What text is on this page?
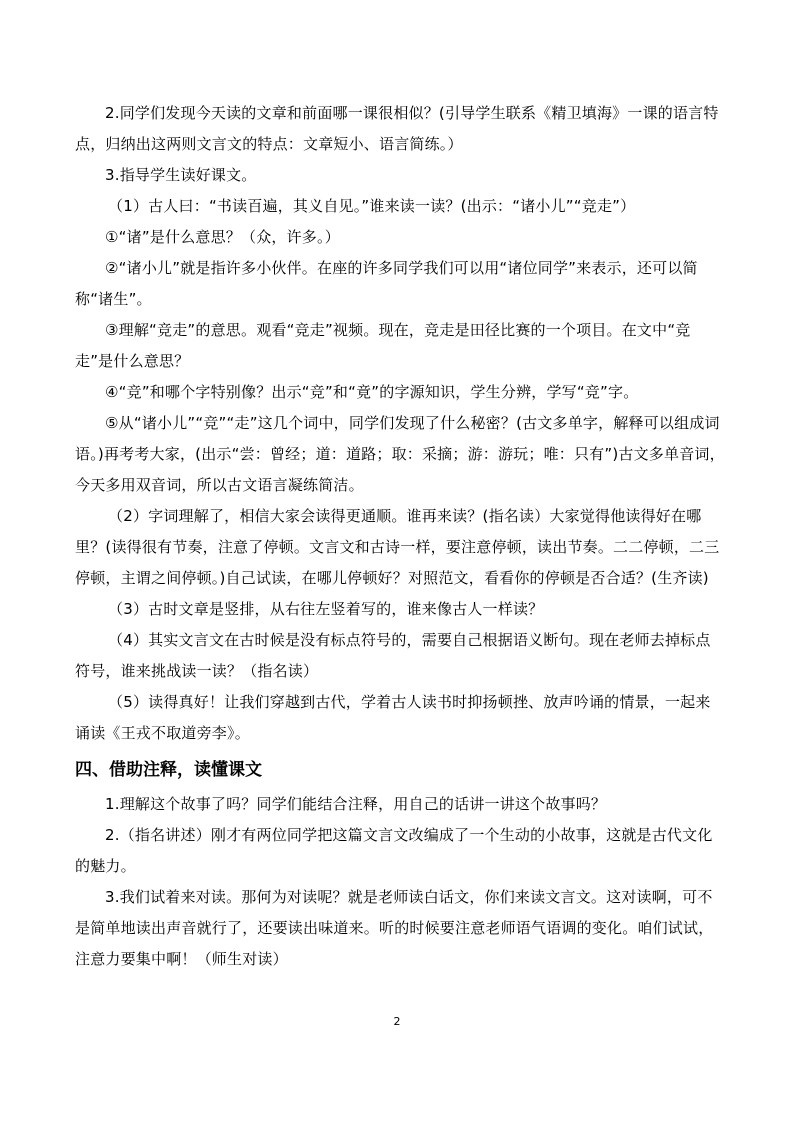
2.同学们发现今天读的文章和前面哪一课很相似？(引导学生联系《精卫填海》一课的语言特点，归纳出这两则文言文的特点：文章短小、语言简练。）

3.指导学生读好课文。

（1）古人曰：“书读百遍，其义自见。”谁来读一读？(出示：“诸小儿”“竞走”）

①“诸”是什么意思？（众，许多。）

②“诸小儿”就是指许多小伙伴。在座的许多同学我们可以用“诸位同学”来表示，还可以简称“诸生”。

③理解“竞走”的意思。观看“竞走”视频。现在，竞走是田径比赛的一个项目。在文中“竞走”是什么意思？

④“竞”和哪个字特别像？出示“竞”和“竟”的字源知识，学生分辨，学写“竞”字。

⑤从“诸小儿”“竞”“走”这几个词中，同学们发现了什么秘密？(古文多单字，解释可以组成词语。)再考考大家，(出示“尝：曾经；道：道路；取：采摘；游：游玩；唯：只有”)古文多单音词，今天多用双音词，所以古文语言凝练简洁。

（2）字词理解了，相信大家会读得更通顺。谁再来读？(指名读）大家觉得他读得好在哪里？(读得很有节奏，注意了停顿。文言文和古诗一样，要注意停顿，读出节奏。二二停顿，二三停顿，主谓之间停顿。)自己试读，在哪儿停顿好？对照范文，看看你的停顿是否合适？(生齐读)

（3）古时文章是竖排，从右往左竖着写的，谁来像古人一样读？

（4）其实文言文在古时候是没有标点符号的，需要自己根据语义断句。现在老师去掉标点符号，谁来挑战读一读？（指名读）

（5）读得真好！让我们穿越到古代，学着古人读书时抑扬顿挫、放声吟诵的情景，一起来诵读《王戎不取道旁李》。

四、借助注释，读懂课文

1.理解这个故事了吗？同学们能结合注释，用自己的话讲一讲这个故事吗？

2.（指名讲述）刚才有两位同学把这篇文言文改编成了一个生动的小故事，这就是古代文化的魅力。

3.我们试着来对读。那何为对读呢？就是老师读白话文，你们来读文言文。这对读啊，可不是简单地读出声音就行了，还要读出味道来。听的时候要注意老师语气语调的变化。咱们试试，注意力要集中啊！（师生对读）

2
